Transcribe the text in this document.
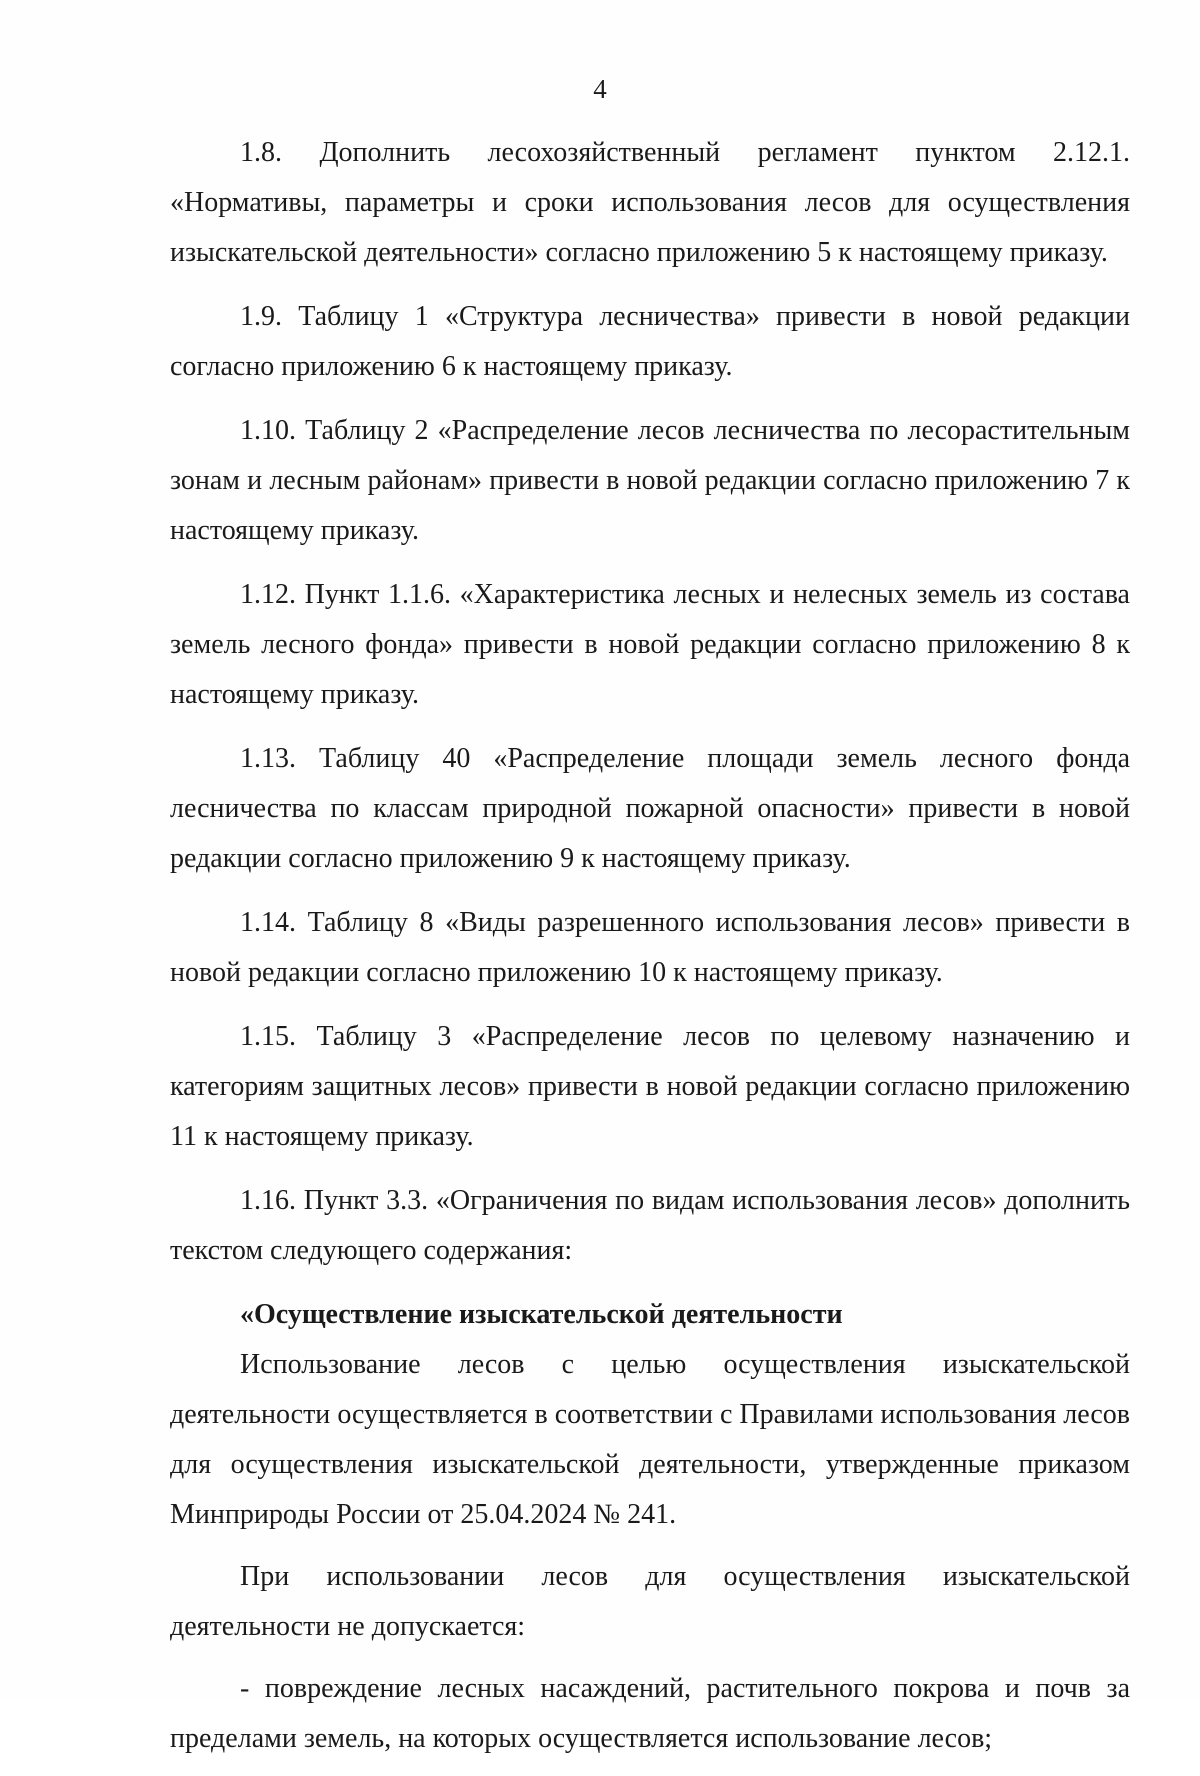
4

1.8. Дополнить лесохозяйственный регламент пунктом 2.12.1. «Нормативы, параметры и сроки использования лесов для осуществления изыскательской деятельности» согласно приложению 5 к настоящему приказу.

1.9. Таблицу 1 «Структура лесничества» привести в новой редакции согласно приложению 6 к настоящему приказу.

1.10. Таблицу 2 «Распределение лесов лесничества по лесорастительным зонам и лесным районам» привести в новой редакции согласно приложению 7 к настоящему приказу.

1.12. Пункт 1.1.6. «Характеристика лесных и нелесных земель из состава земель лесного фонда» привести в новой редакции согласно приложению 8 к настоящему приказу.

1.13. Таблицу 40 «Распределение площади земель лесного фонда лесничества по классам природной пожарной опасности» привести в новой редакции согласно приложению 9 к настоящему приказу.

1.14. Таблицу 8 «Виды разрешенного использования лесов» привести в новой редакции согласно приложению 10 к настоящему приказу.

1.15. Таблицу 3 «Распределение лесов по целевому назначению и категориям защитных лесов» привести в новой редакции согласно приложению 11 к настоящему приказу.

1.16. Пункт 3.3. «Ограничения по видам использования лесов» дополнить текстом следующего содержания:

«Осуществление изыскательской деятельности

Использование лесов с целью осуществления изыскательской деятельности осуществляется в соответствии с Правилами использования лесов для осуществления изыскательской деятельности, утвержденные приказом Минприроды России от 25.04.2024 № 241.

При использовании лесов для осуществления изыскательской деятельности не допускается:

- повреждение лесных насаждений, растительного покрова и почв за пределами земель, на которых осуществляется использование лесов;
